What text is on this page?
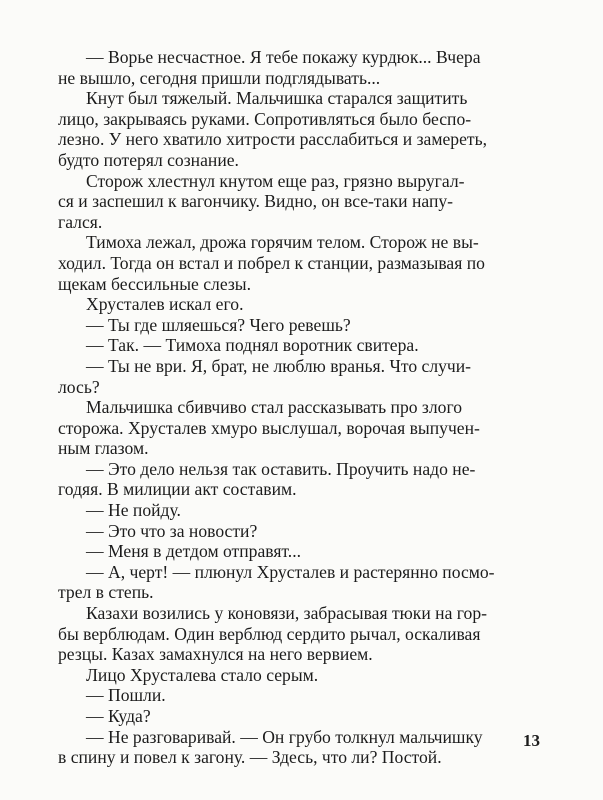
— Ворье несчастное. Я тебе покажу курдюк... Вчера
не вышло, сегодня пришли подглядывать...
Кнут был тяжелый. Мальчишка старался защитить
лицо, закрываясь руками. Сопротивляться было беспо-
лезно. У него хватило хитрости расслабиться и замереть,
будто потерял сознание.
Сторож хлестнул кнутом еще раз, грязно выругал-
ся и заспешил к вагончику. Видно, он все-таки напу-
гался.
Тимоха лежал, дрожа горячим телом. Сторож не вы-
ходил. Тогда он встал и побрел к станции, размазывая по
щекам бессильные слезы.
Хрусталев искал его.
— Ты где шляешься? Чего ревешь?
— Так. — Тимоха поднял воротник свитера.
— Ты не ври. Я, брат, не люблю вранья. Что случи-
лось?
Мальчишка сбивчиво стал рассказывать про злого
сторожа. Хрусталев хмуро выслушал, ворочая выпучен-
ным глазом.
— Это дело нельзя так оставить. Проучить надо не-
годяя. В милиции акт составим.
— Не пойду.
— Это что за новости?
— Меня в детдом отправят...
— А, черт! — плюнул Хрусталев и растерянно посмо-
трел в степь.
Казахи возились у коновязи, забрасывая тюки на гор-
бы верблюдам. Один верблюд сердито рычал, оскаливая
резцы. Казах замахнулся на него вервием.
Лицо Хрусталева стало серым.
— Пошли.
— Куда?
— Не разговаривай. — Он грубо толкнул мальчишку
в спину и повел к загону. — Здесь, что ли? Постой.
13
